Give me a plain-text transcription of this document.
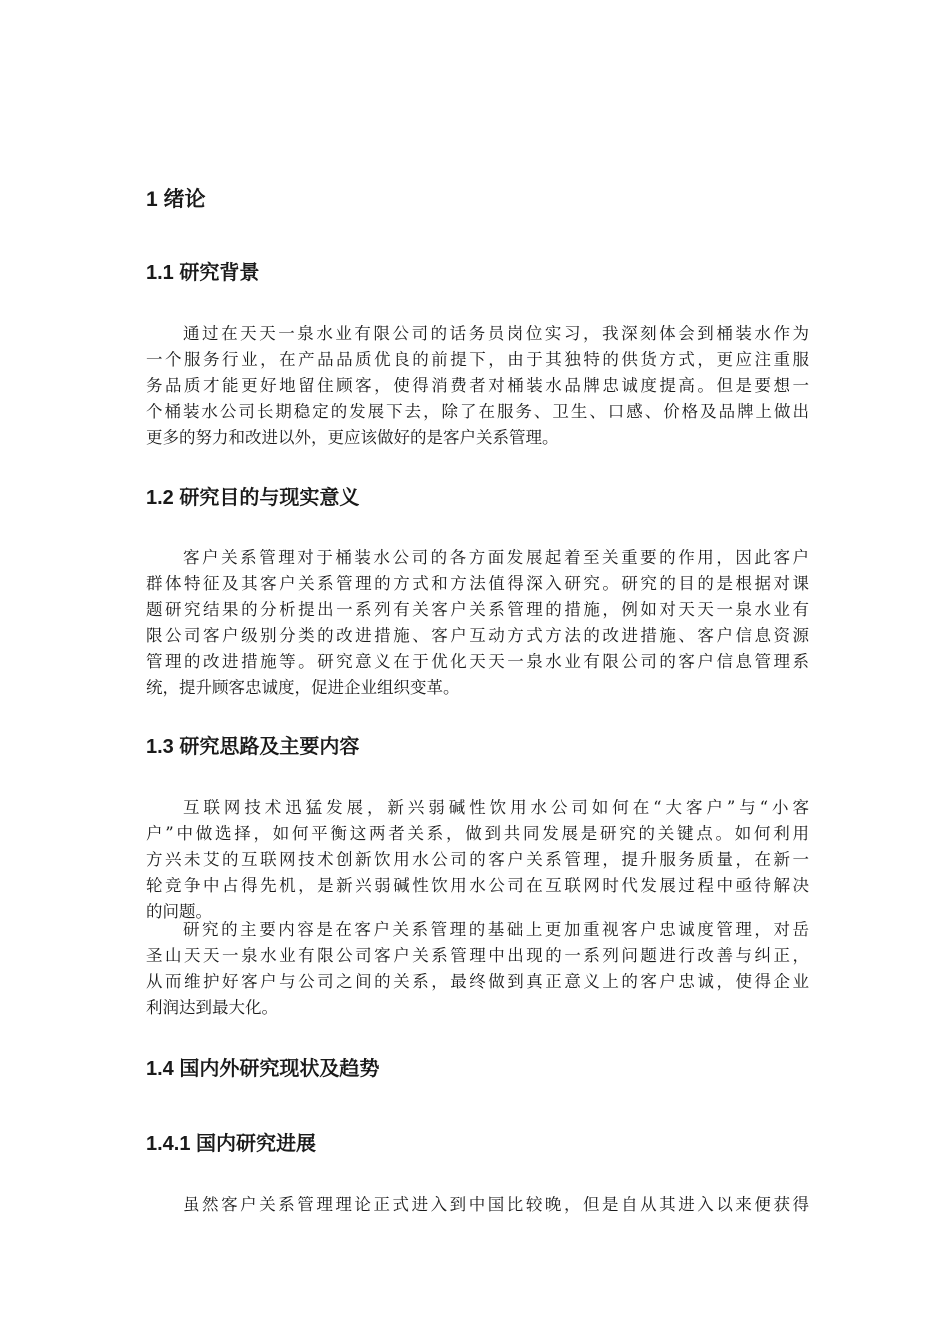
1 绪论
1.1 研究背景
通过在天天一泉水业有限公司的话务员岗位实习，我深刻体会到桶装水作为
一个服务行业，在产品品质优良的前提下，由于其独特的供货方式，更应注重服
务品质才能更好地留住顾客，使得消费者对桶装水品牌忠诚度提高。但是要想一
个桶装水公司长期稳定的发展下去，除了在服务、卫生、口感、价格及品牌上做出
更多的努力和改进以外，更应该做好的是客户关系管理。
1.2 研究目的与现实意义
客户关系管理对于桶装水公司的各方面发展起着至关重要的作用，因此客户
群体特征及其客户关系管理的方式和方法值得深入研究。研究的目的是根据对课
题研究结果的分析提出一系列有关客户关系管理的措施，例如对天天一泉水业有
限公司客户级别分类的改进措施、客户互动方式方法的改进措施、客户信息资源
管理的改进措施等。研究意义在于优化天天一泉水业有限公司的客户信息管理系
统，提升顾客忠诚度，促进企业组织变革。
1.3 研究思路及主要内容
互联网技术迅猛发展，新兴弱碱性饮用水公司如何在“大客户”与“小客
户”中做选择，如何平衡这两者关系，做到共同发展是研究的关键点。如何利用
方兴未艾的互联网技术创新饮用水公司的客户关系管理，提升服务质量，在新一
轮竞争中占得先机，是新兴弱碱性饮用水公司在互联网时代发展过程中亟待解决
的问题。
研究的主要内容是在客户关系管理的基础上更加重视客户忠诚度管理，对岳
圣山天天一泉水业有限公司客户关系管理中出现的一系列问题进行改善与纠正，
从而维护好客户与公司之间的关系，最终做到真正意义上的客户忠诚，使得企业
利润达到最大化。
1.4 国内外研究现状及趋势
1.4.1 国内研究进展
虽然客户关系管理理论正式进入到中国比较晚，但是自从其进入以来便获得
